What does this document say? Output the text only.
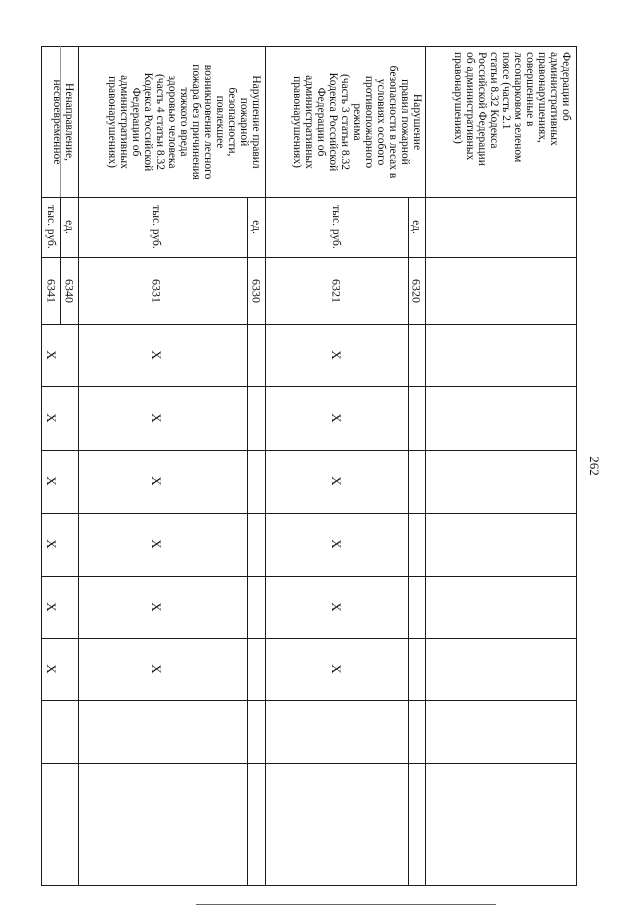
262
Федерации об
административных
правонарушениях,
совершенные в
лесопарковом зеленом
поясе (часть 2.1
статьи 8.32 Кодекса
Российской Федерации
об административных
правонарушениях)
Нарушение
правил пожарной
безопасности в лесах в
условиях особого
противопожарного
режима
(часть 3 статьи 8.32
Кодекса Российской
Федерации об
административных
правонарушениях)
Нарушение правил
пожарной
безопасности,
повлекшее
возникновение лесного
пожара без причинения
тяжкого вреда
здоровью человека
(часть 4 статьи 8.32
Кодекса Российской
Федерации об
административных
правонарушениях)
Ненаправление,
несвоевременное
ед.
тыс. руб.
ед.
тыс. руб.
ед.
тыс. руб.
6320
6321
6330
6331
6340
6341
X
X
X
X
X
X
X
X
X
X
X
X
X
X
X
X
X
X
